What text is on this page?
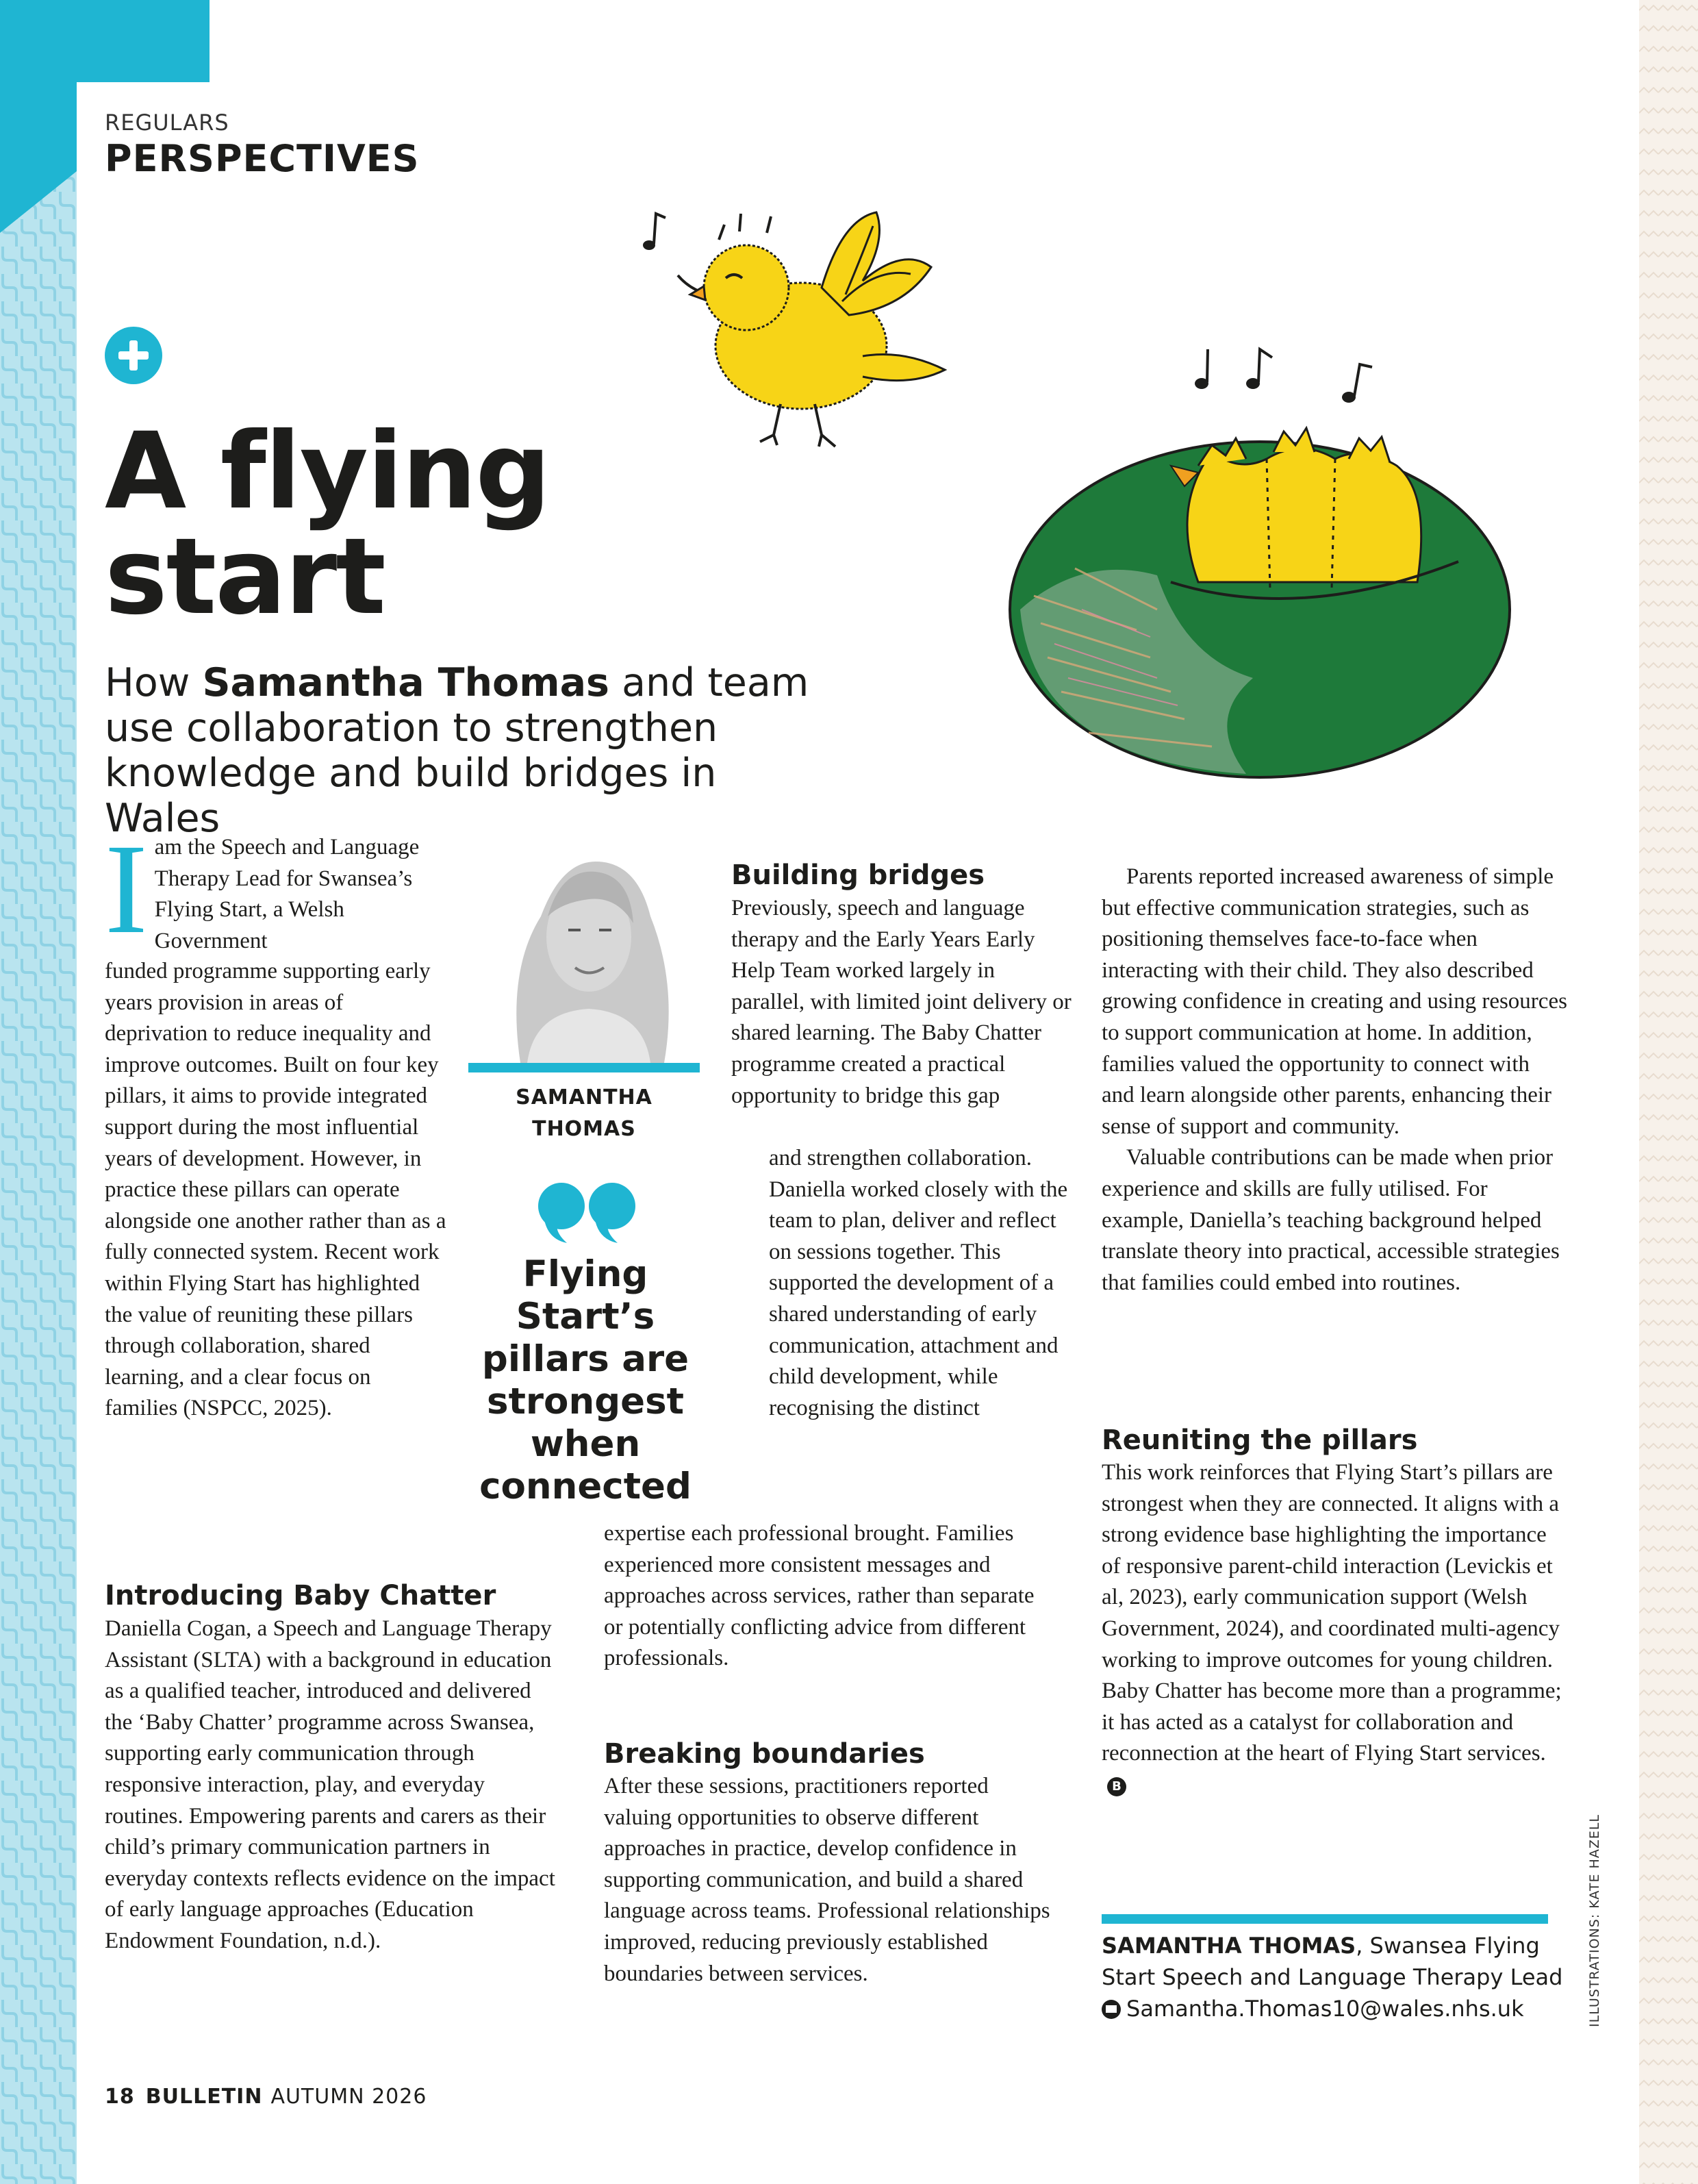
REGULARS
PERSPECTIVES
A flying
start
How Samantha Thomas and team use collaboration to strengthen knowledge and build bridges in Wales
Iam the Speech and Language Therapy Lead for Swansea’s Flying Start, a Welsh Government
funded programme supporting early years provision in areas of deprivation to reduce inequality and improve outcomes. Built on four key pillars, it aims to provide integrated support during the most influential years of development. However, in practice these pillars can operate alongside one another rather than as a fully connected system. Recent work within Flying Start has highlighted the value of reuniting these pillars through collaboration, shared learning, and a clear focus on families (NSPCC, 2025).
Introducing Baby Chatter
Daniella Cogan, a Speech and Language Therapy Assistant (SLTA) with a background in education as a qualified teacher, introduced and delivered the ‘Baby Chatter’ programme across Swansea, supporting early communication through responsive interaction, play, and everyday routines. Empowering parents and carers as their child’s primary communication partners in everyday contexts reflects evidence on the impact of early language approaches (Education Endowment Foundation, n.d.).
SAMANTHA
THOMAS
Flying Start’s pillars are strongest when connected
Building bridges
Previously, speech and language therapy and the Early Years Early Help Team worked largely in parallel, with limited joint delivery or shared learning. The Baby Chatter programme created a practical opportunity to bridge this gap
and strengthen collaboration. Daniella worked closely with the team to plan, deliver and reflect on sessions together. This supported the development of a shared understanding of early communication, attachment and child development, while recognising the distinct
expertise each professional brought. Families experienced more consistent messages and approaches across services, rather than separate or potentially conflicting advice from different professionals.
Breaking boundaries
After these sessions, practitioners reported valuing opportunities to observe different approaches in practice, develop confidence in supporting communication, and build a shared language across teams. Professional relationships improved, reducing previously established boundaries between services.

Parents reported increased awareness of simple but effective communication strategies, such as positioning themselves face-to-face when interacting with their child. They also described growing confidence in creating and using resources to support communication at home. In addition, families valued the opportunity to connect with and learn alongside other parents, enhancing their sense of support and community.

Valuable contributions can be made when prior experience and skills are fully utilised. For example, Daniella’s teaching background helped translate theory into practical, accessible strategies that families could embed into routines.

Reuniting the pillars
This work reinforces that Flying Start’s pillars are strongest when they are connected. It aligns with a strong evidence base highlighting the importance of responsive parent-child interaction (Levickis et al, 2023), early communication support (Welsh Government, 2024), and coordinated multi-agency working to improve outcomes for young children. Baby Chatter has become more than a programme; it has acted as a catalyst for collaboration and reconnection at the heart of Flying Start services.B
SAMANTHA THOMAS, Swansea Flying Start Speech and Language Therapy Lead

Samantha.Thomas10@wales.nhs.uk	ILLUSTRATIONS: KATE HAZELL
18 BULLETIN AUTUMN 2026
